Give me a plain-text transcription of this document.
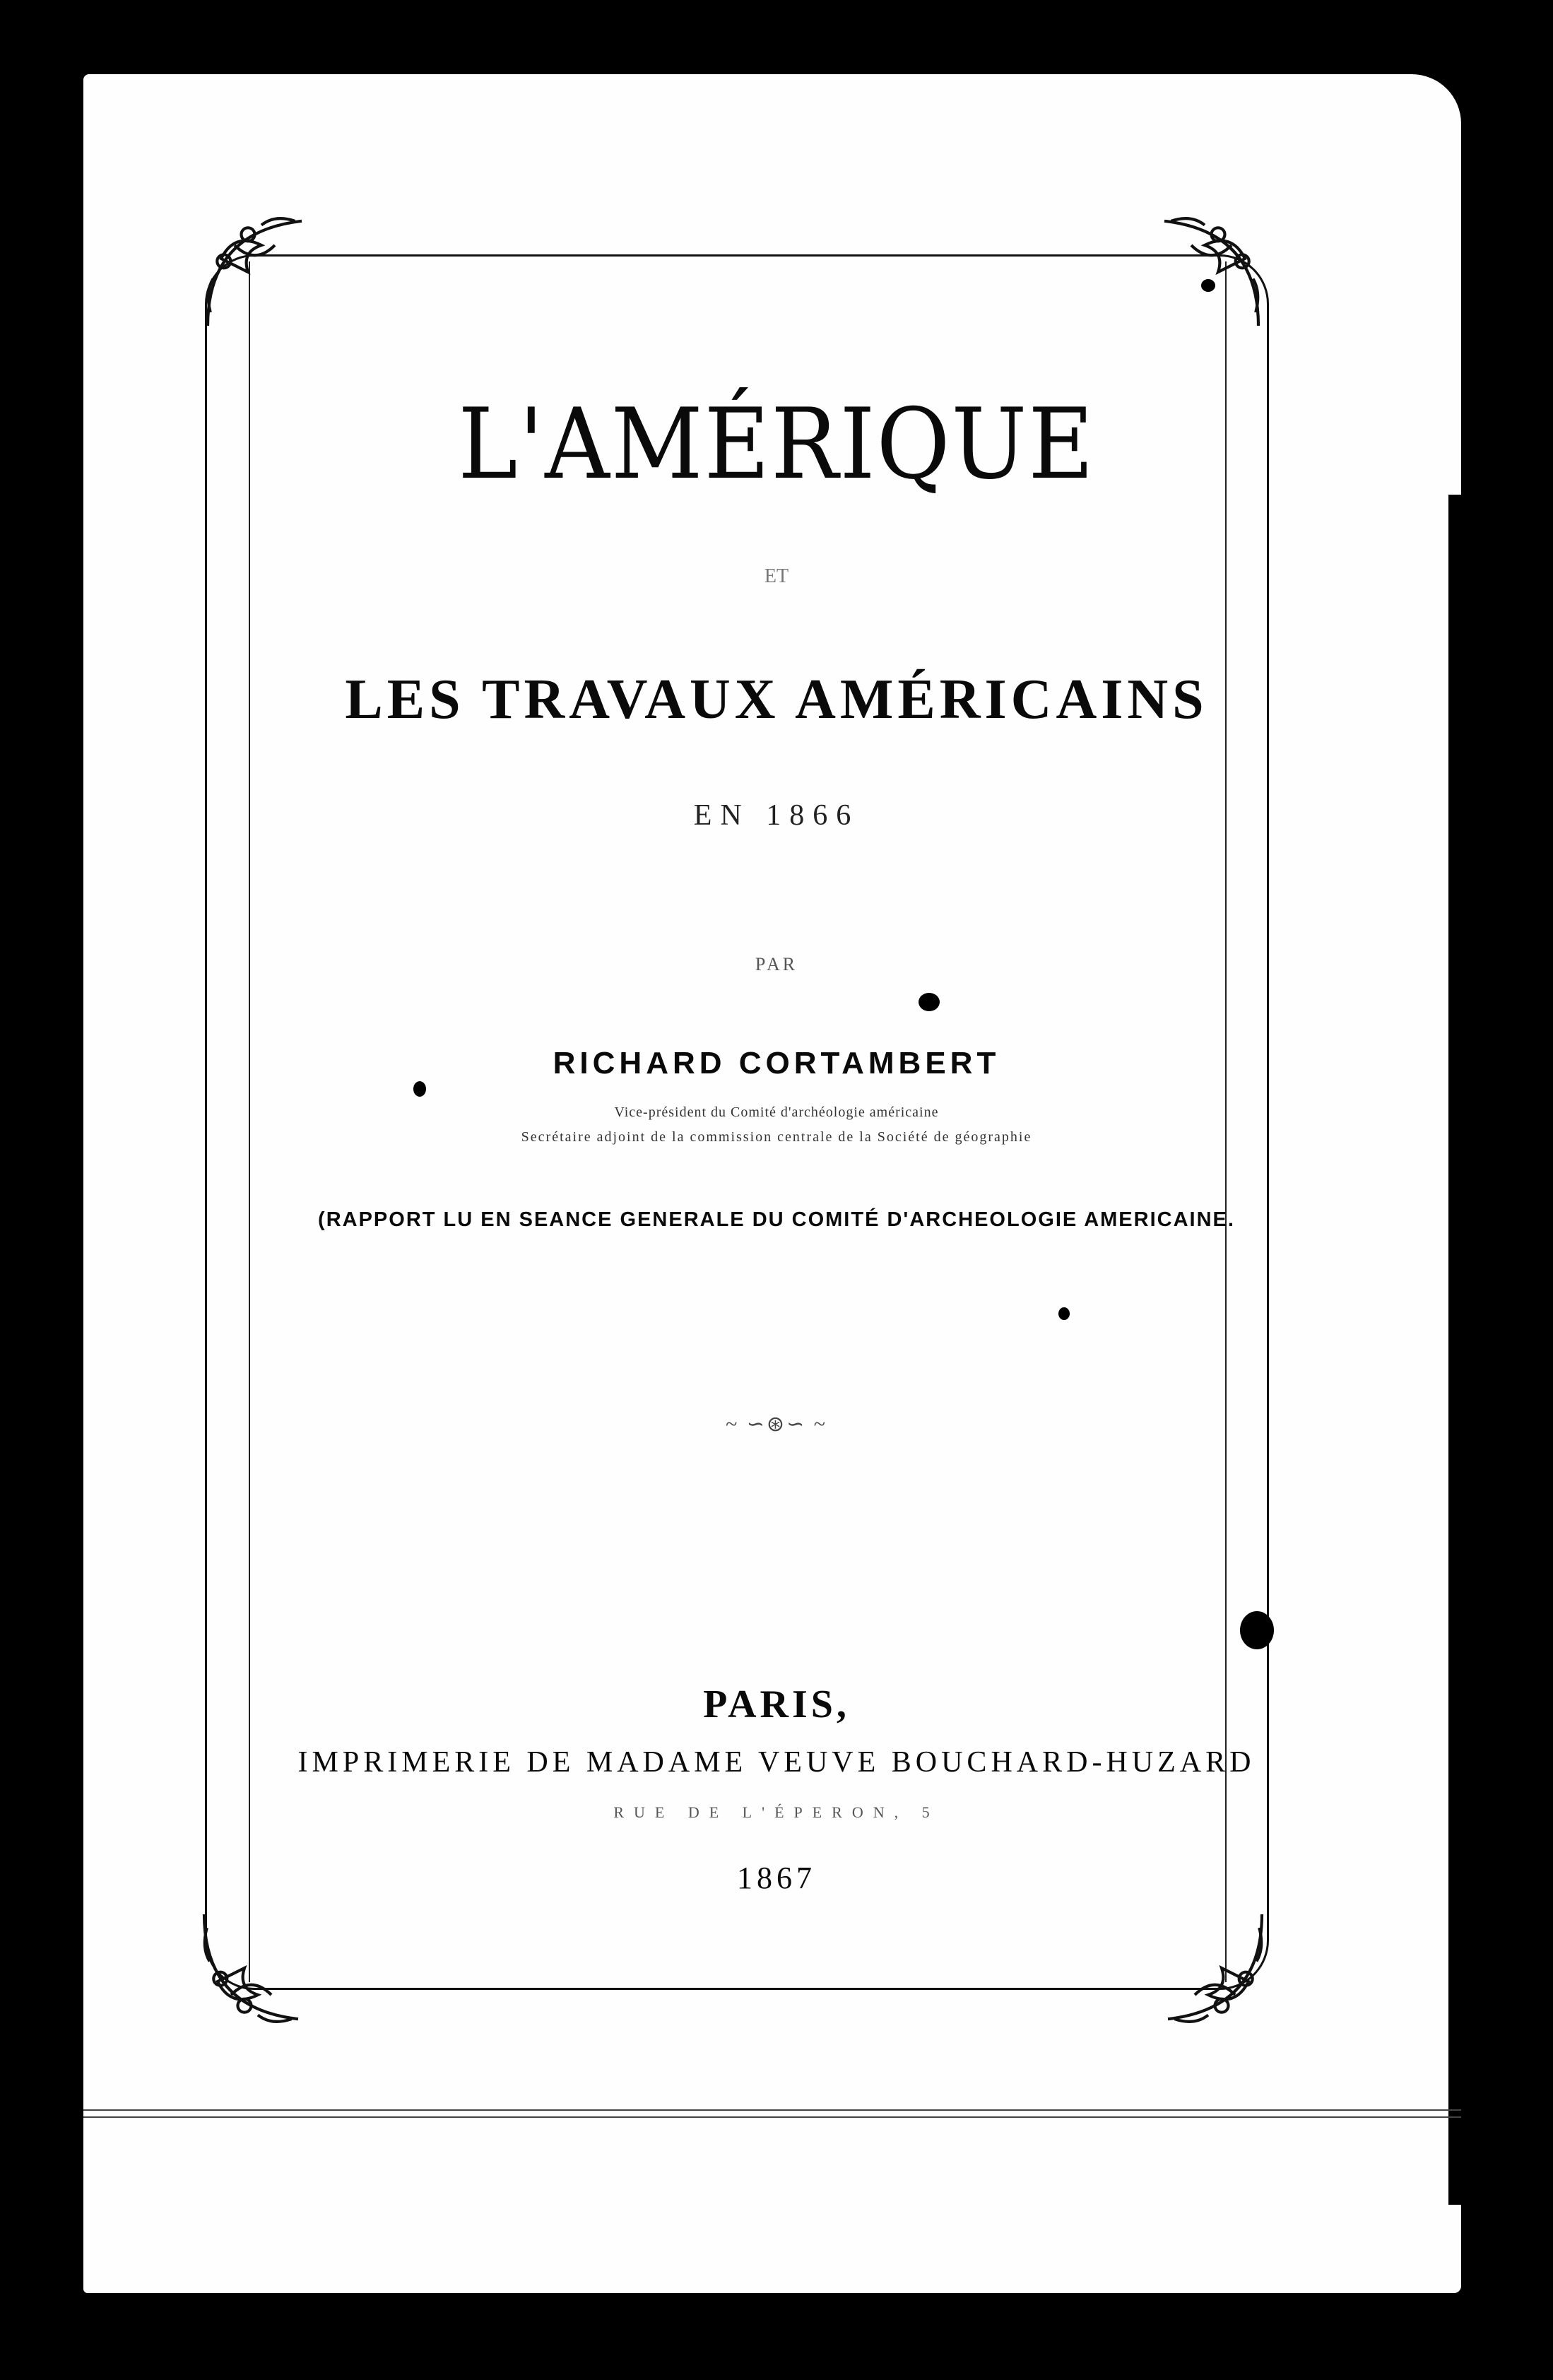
L'AMÉRIQUE
ET
LES TRAVAUX AMÉRICAINS
EN 1866
PAR
RICHARD CORTAMBERT
Vice-président du Comité d'archéologie américaine
Secrétaire adjoint de la commission centrale de la Société de géographie
(RAPPORT LU EN SEANCE GENERALE DU COMITÉ D'ARCHEOLOGIE AMERICAINE.
~ ∽⊛∽ ~
PARIS,
IMPRIMERIE DE MADAME VEUVE BOUCHARD-HUZARD
RUE DE L'ÉPERON, 5
1867
